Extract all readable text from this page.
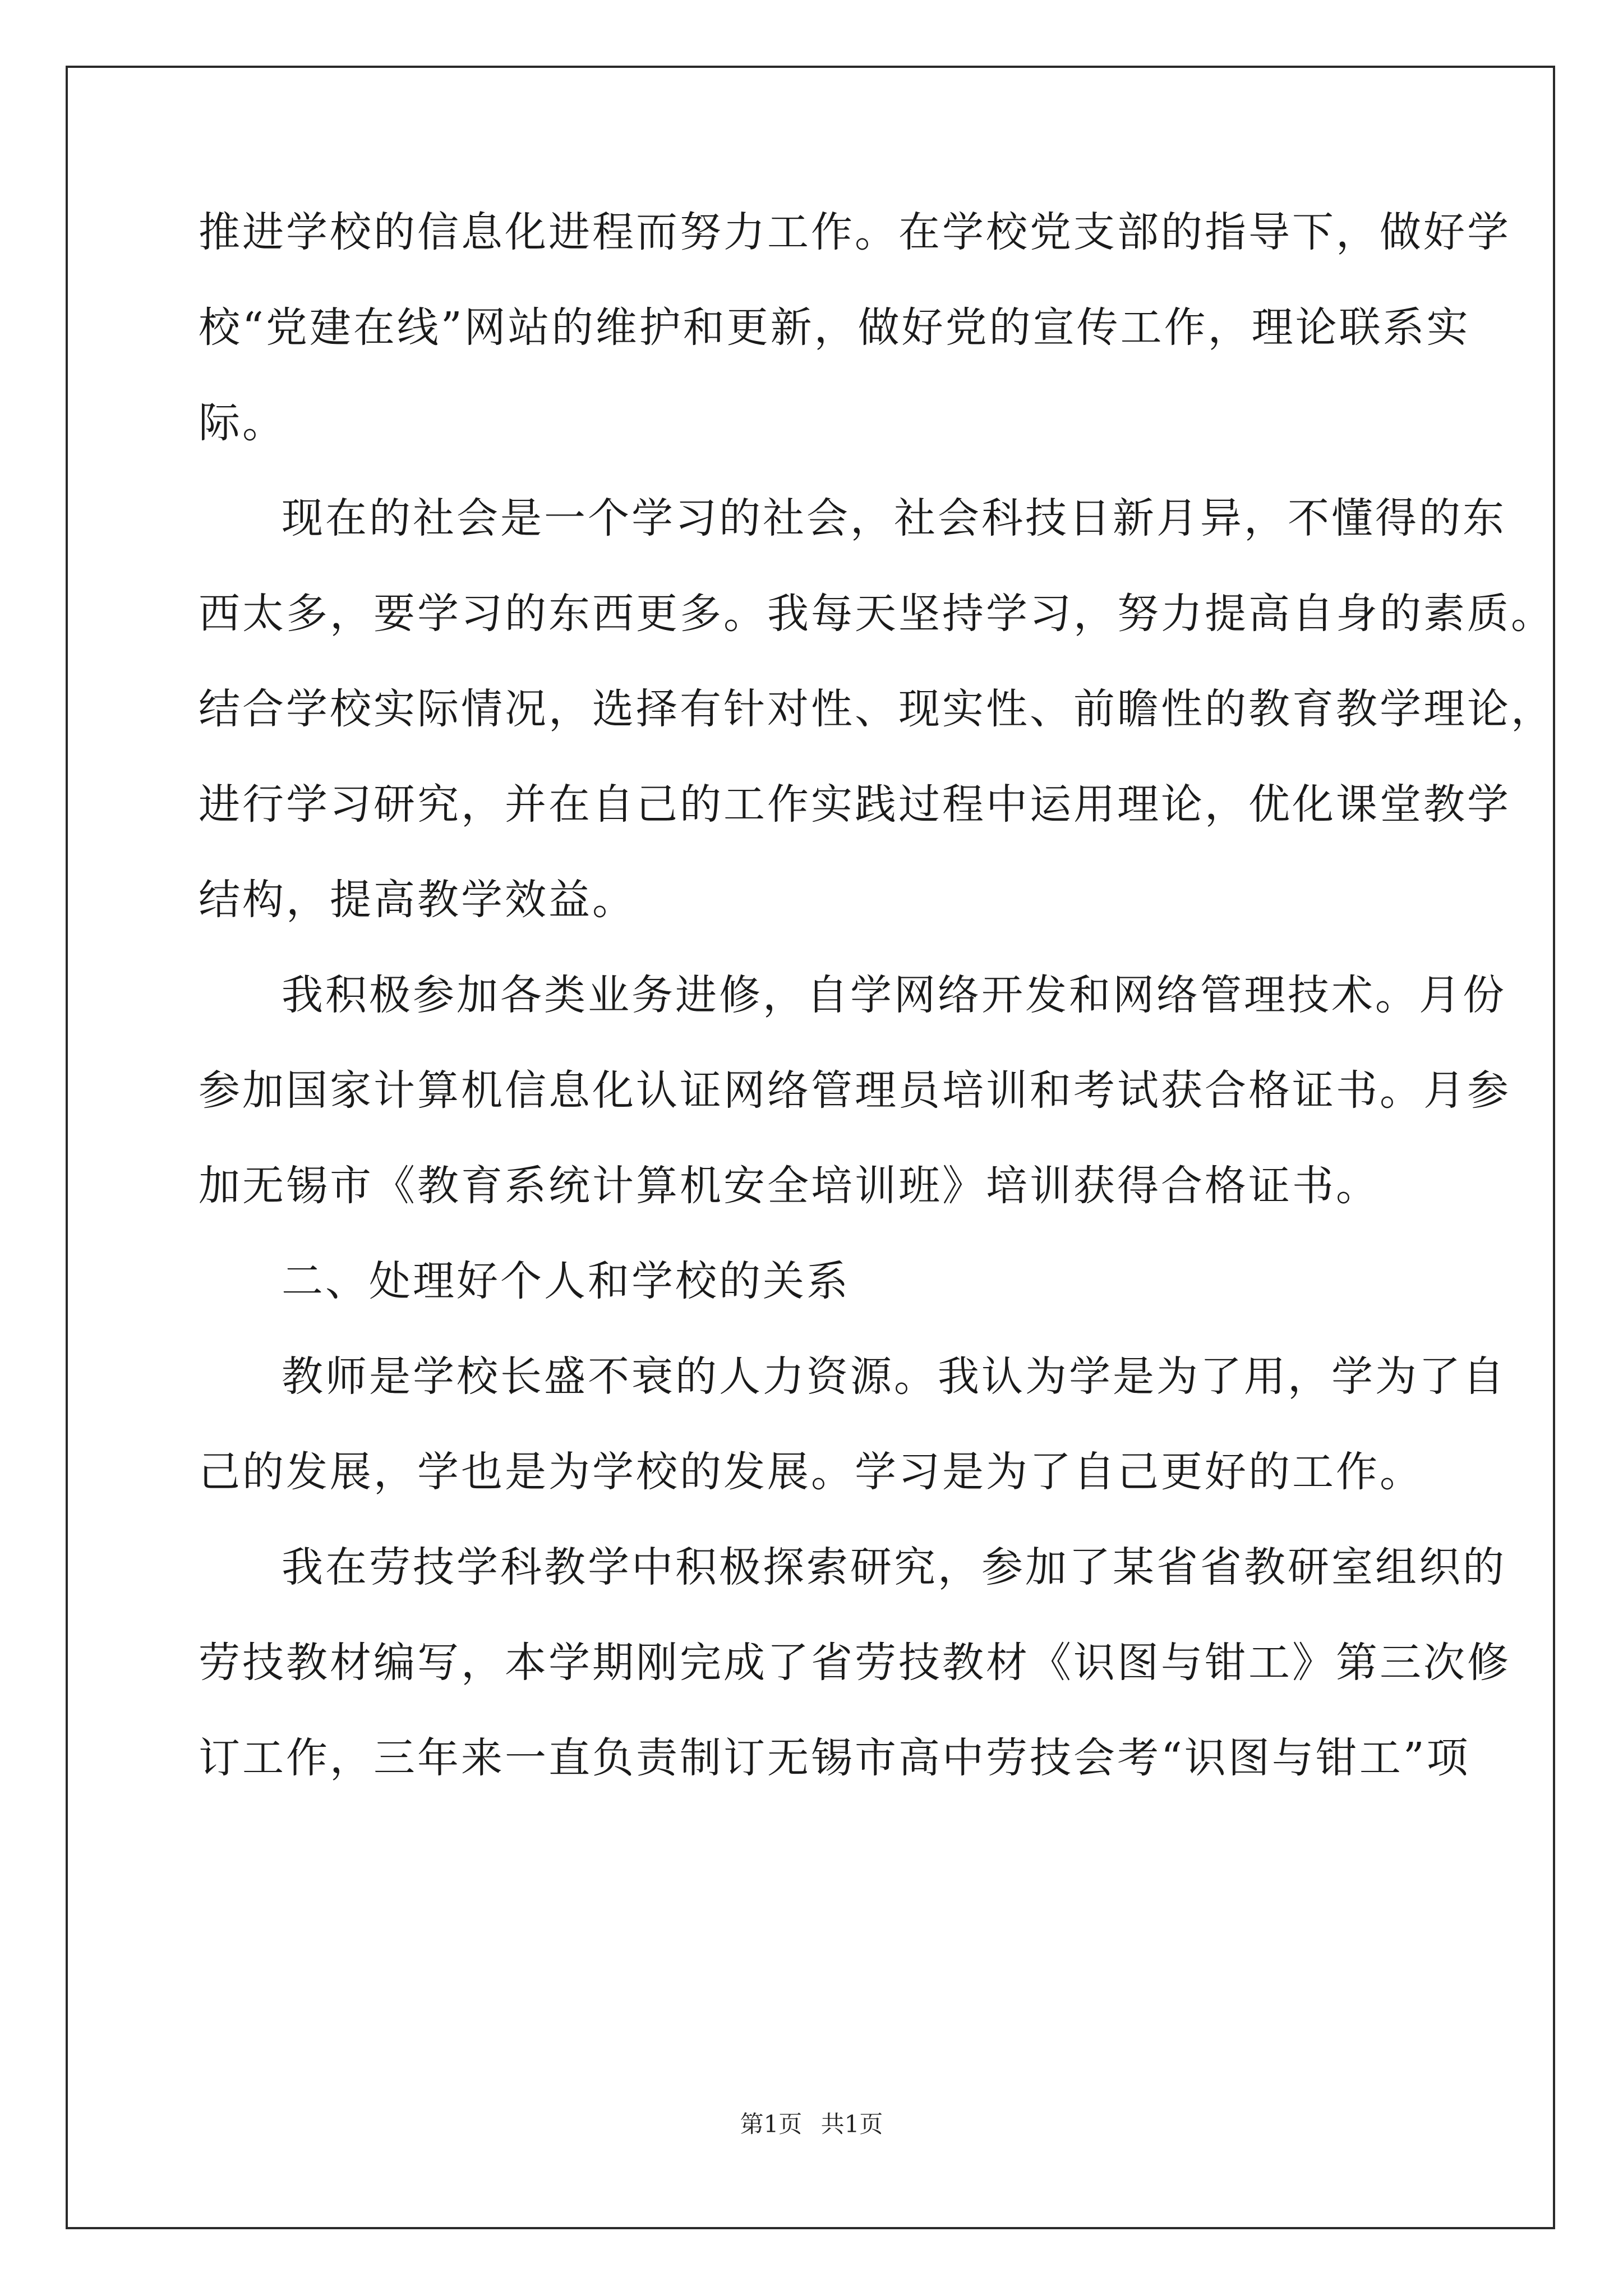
推进学校的信息化进程而努力工作。在学校党支部的指导下，做好学
校“党建在线”网站的维护和更新，做好党的宣传工作，理论联系实
际。
现在的社会是一个学习的社会，社会科技日新月异，不懂得的东
西太多，要学习的东西更多。我每天坚持学习，努力提高自身的素质。
结合学校实际情况，选择有针对性、现实性、前瞻性的教育教学理论，
进行学习研究，并在自己的工作实践过程中运用理论，优化课堂教学
结构，提高教学效益。
我积极参加各类业务进修，自学网络开发和网络管理技术。月份
参加国家计算机信息化认证网络管理员培训和考试获合格证书。月参
加无锡市《教育系统计算机安全培训班》培训获得合格证书。
二、处理好个人和学校的关系
教师是学校长盛不衰的人力资源。我认为学是为了用，学为了自
己的发展，学也是为学校的发展。学习是为了自己更好的工作。
我在劳技学科教学中积极探索研究，参加了某省省教研室组织的
劳技教材编写，本学期刚完成了省劳技教材《识图与钳工》第三次修
订工作，三年来一直负责制订无锡市高中劳技会考“识图与钳工”项
第1页 共1页
